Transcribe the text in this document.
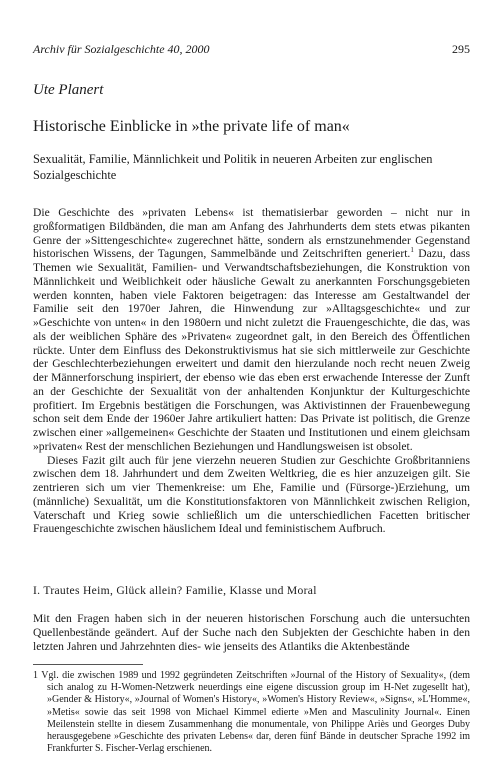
Archiv für Sozialgeschichte 40, 2000	295
Ute Planert
Historische Einblicke in »the private life of man«
Sexualität, Familie, Männlichkeit und Politik in neueren Arbeiten zur englischen Sozialgeschichte

Die Geschichte des »privaten Lebens« ist thematisierbar geworden – nicht nur in großformatigen Bildbänden, die man am Anfang des Jahrhunderts dem stets etwas pikanten Genre der »Sittengeschichte« zugerechnet hätte, sondern als ernstzunehmender Gegenstand historischen Wissens, der Tagungen, Sammelbände und Zeitschriften generiert.$^1$ Dazu, dass Themen wie Sexualität, Familien- und Verwandtschaftsbeziehungen, die Konstruktion von Männlichkeit und Weiblichkeit oder häusliche Gewalt zu anerkannten Forschungsgebieten werden konnten, haben viele Faktoren beigetragen: das Interesse am Gestaltwandel der Familie seit den 1970er Jahren, die Hinwendung zur »Alltagsgeschichte« und zur »Geschichte von unten« in den 1980ern und nicht zuletzt die Frauengeschichte, die das, was als der weiblichen Sphäre des »Privaten« zugeordnet galt, in den Bereich des Öffentlichen rückte. Unter dem Einfluss des Dekonstruktivismus hat sie sich mittlerweile zur Geschichte der Geschlechterbeziehungen erweitert und damit den hierzulande noch recht neuen Zweig der Männerforschung inspiriert, der ebenso wie das eben erst erwachende Interesse der Zunft an der Geschichte der Sexualität von der anhaltenden Konjunktur der Kulturgeschichte profitiert. Im Ergebnis bestätigen die Forschungen, was Aktivistinnen der Frauenbewegung schon seit dem Ende der 1960er Jahre artikuliert hatten: Das Private ist politisch, die Grenze zwischen einer »allgemeinen« Geschichte der Staaten und Institutionen und einem gleichsam »privaten« Rest der menschlichen Beziehungen und Handlungsweisen ist obsolet.

Dieses Fazit gilt auch für jene vierzehn neueren Studien zur Geschichte Großbritanniens zwischen dem 18. Jahrhundert und dem Zweiten Weltkrieg, die es hier anzuzeigen gilt. Sie zentrieren sich um vier Themenkreise: um Ehe, Familie und (Fürsorge-)Erziehung, um (männliche) Sexualität, um die Konstitutionsfaktoren von Männlichkeit zwischen Religion, Vaterschaft und Krieg sowie schließlich um die unterschiedlichen Facetten britischer Frauengeschichte zwischen häuslichem Ideal und feministischem Aufbruch.

I. Trautes Heim, Glück allein? Familie, Klasse und Moral

Mit den Fragen haben sich in der neueren historischen Forschung auch die untersuchten Quellenbestände geändert. Auf der Suche nach den Subjekten der Geschichte haben in den letzten Jahren und Jahrzehnten dies- wie jenseits des Atlantiks die Aktenbestände

1 Vgl. die zwischen 1989 und 1992 gegründeten Zeitschriften »Journal of the History of Sexuality«, (dem sich analog zu H-Women-Netzwerk neuerdings eine eigene discussion group im H-Net zugesellt hat), »Gender & History«, »Journal of Women's History«, »Women's History Review«, »Signs«, »L'Homme«, »Metis« sowie das seit 1998 von Michael Kimmel edierte »Men and Masculinity Journal«. Einen Meilenstein stellte in diesem Zusammenhang die monumentale, von Philippe Ariès und Georges Duby herausgegebene »Geschichte des privaten Lebens« dar, deren fünf Bände in deutscher Sprache 1992 im Frankfurter S. Fischer-Verlag erschienen.
